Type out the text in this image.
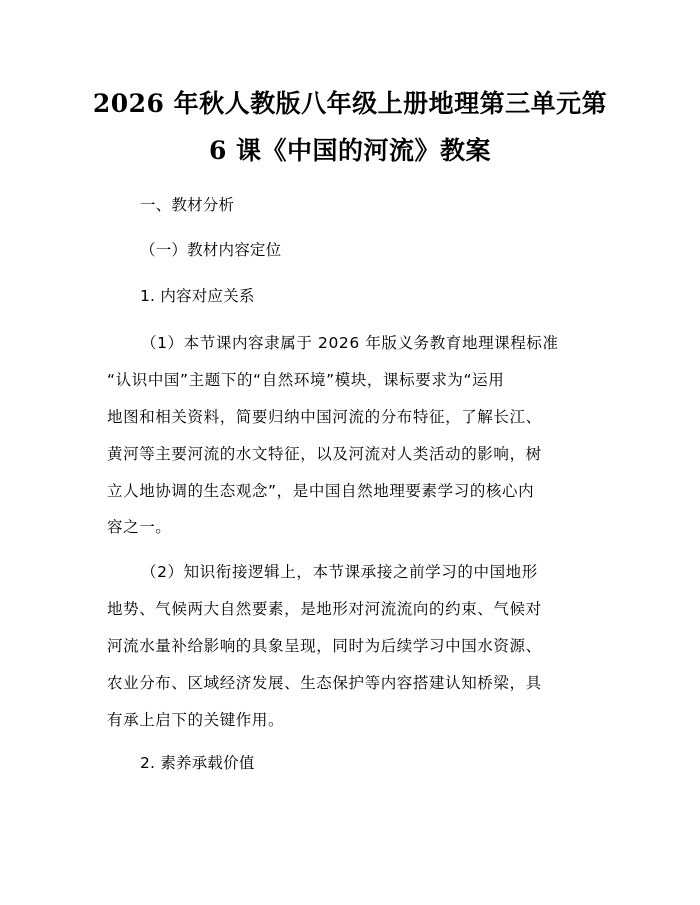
2026 年秋人教版八年级上册地理第三单元第
6 课《中国的河流》教案
一、教材分析
（一）教材内容定位
1. 内容对应关系
（1）本节课内容隶属于 2026 年版义务教育地理课程标准
“认识中国”主题下的“自然环境”模块，课标要求为“运用
地图和相关资料，简要归纳中国河流的分布特征，了解长江、
黄河等主要河流的水文特征，以及河流对人类活动的影响，树
立人地协调的生态观念”，是中国自然地理要素学习的核心内
容之一。
（2）知识衔接逻辑上，本节课承接之前学习的中国地形
地势、气候两大自然要素，是地形对河流流向的约束、气候对
河流水量补给影响的具象呈现，同时为后续学习中国水资源、
农业分布、区域经济发展、生态保护等内容搭建认知桥梁，具
有承上启下的关键作用。
2. 素养承载价值
